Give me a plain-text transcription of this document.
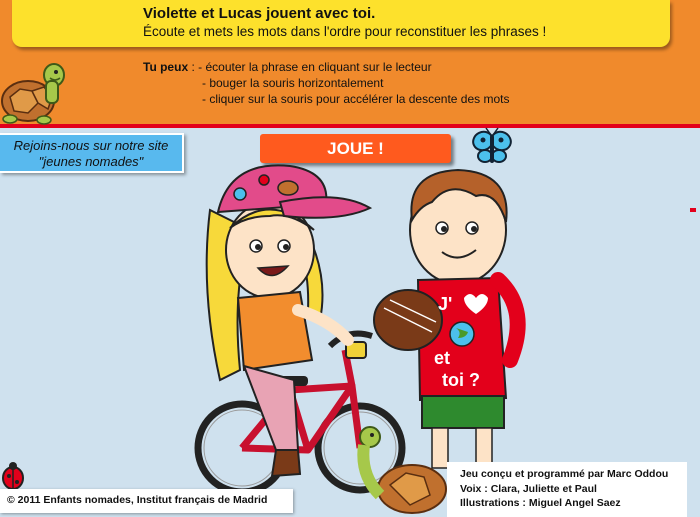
Violette et Lucas jouent avec toi.
Écoute et mets les mots dans l'ordre pour reconstituer les phrases !
Tu peux : - écouter la phrase en cliquant sur le lecteur
- bouger la souris horizontalement
- cliquer sur la souris pour accélérer la descente des mots
Rejoins-nous sur notre site
"jeunes nomades"
JOUE !
J'
et
toi ?
Jeu conçu et programmé par Marc Oddou
Voix : Clara, Juliette et Paul
Illustrations : Miguel Angel Saez
© 2011 Enfants nomades, Institut français de Madrid
